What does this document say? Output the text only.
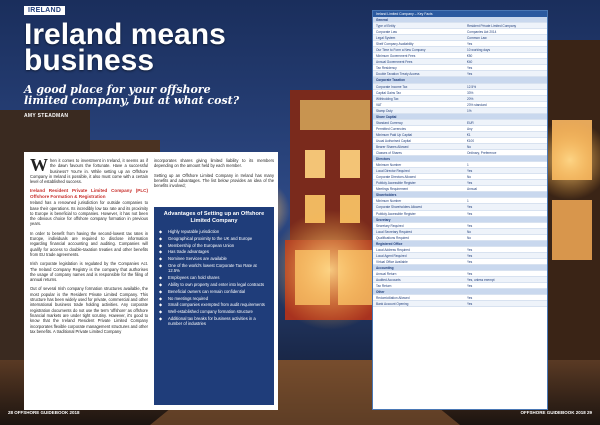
IRELAND
Ireland means business
A good place for your offshore limited company, but at what cost?
AMY STEADMAN

When it comes to investment in Ireland, it seems as if the dawn favours the fortunate. Have a successful business? You're in. While setting up an Offshore Company in Ireland is possible, it also must come with a certain level of established success.

Ireland Resident Private Limited Company (PLC) Offshore Formation & Registration

Ireland has a renowned jurisdiction for outside companies to base their operations. Its incredibly low tax rate and its proximity to Europe is beneficial to companies. However, it has not been the obvious choice for offshore company formation in previous years.

In order to benefit from having the second-lowest tax rates in Europe, individuals are required to disclose information regarding financial accounting and auditing. Companies will qualify for access to double-taxation treaties and other benefits from EU trade agreements.

Irish corporate legislation is regulated by the Companies Act. The Ireland Company Registry is the company that authorises the usage of company names and is responsible for the filing of annual returns.

Out of several Irish company formation structures available, the most popular is the Resident Private Limited Company. This structure has been widely used for private, commercial and other international business trade holding activities. Any corporate registration documents do not use the term 'offshore' as offshore financial markets are under tight scrutiny. However, it's good to know that the Ireland Resident Private Limited Company incorporates flexible corporate management structures and other tax benefits. A traditional Private Limited Company

incorporates shares giving limited liability to its members depending on the amount held by each member.

Setting up an Offshore Limited Company in Ireland has many benefits and advantages. The list below provides an idea of the benefits involved;

Advantages of Setting up an Offshore Limited Company
◆ Highly reputable jurisdiction
◆ Geographical proximity to the UK and Europe
◆ Membership of the European Union
◆ Has trade advantages
◆ Nominee Services are available
◆ One of the world's lowest Corporate Tax Rate at 12.5%
◆ Employees can hold shares
◆ Ability to own property and enter into legal contracts
◆ Beneficial owners can remain confidential
◆ No meetings required
◆ Small companies exempted from audit requirements
◆ Well-established company formation structure
◆ Additional tax breaks for business activities in a number of industries
Ireland Limited Company – Key Facts
General
Type of Entity	Resident Private Limited Company
Corporate Law	Companies Act 2014
Legal System	Common Law
Shelf Company Availability	Yes
Our Time to Form a New Company	10 working days
Minimum Government Fees	€50
Annual Government Fees	€40
Tax Residency	Yes
Double Taxation Treaty Access	Yes
Corporate Taxation
Corporate Income Tax	12.5%
Capital Gains Tax	33%
Withholding Tax	20%
VAT	23% standard
Stamp Duty	1%
Share Capital
Standard Currency	EUR
Permitted Currencies	Any
Minimum Paid Up Capital	€1
Usual Authorised Capital	€100
Bearer Shares Allowed	No
Classes of Shares	Ordinary, Preference
Directors
Minimum Number	1
Local Director Required	Yes
Corporate Directors Allowed	No
Publicly Accessible Register	Yes
Meetings Requirement	Annual
Shareholders
Minimum Number	1
Corporate Shareholders Allowed	Yes
Publicly Accessible Register	Yes
Secretary
Secretary Required	Yes
Local Secretary Required	No
Qualifications Required	No
Registered Office
Local Address Required	Yes
Local Agent Required	Yes
Virtual Office Available	Yes
Accounting
Annual Return	Yes
Audited Accounts	Yes, unless exempt
Tax Return	Yes
Other
Redomiciliation Allowed	Yes
Bank Account Opening	Yes
28 OFFSHORE GUIDEBOOK 2018	OFFSHORE GUIDEBOOK 2018 29
